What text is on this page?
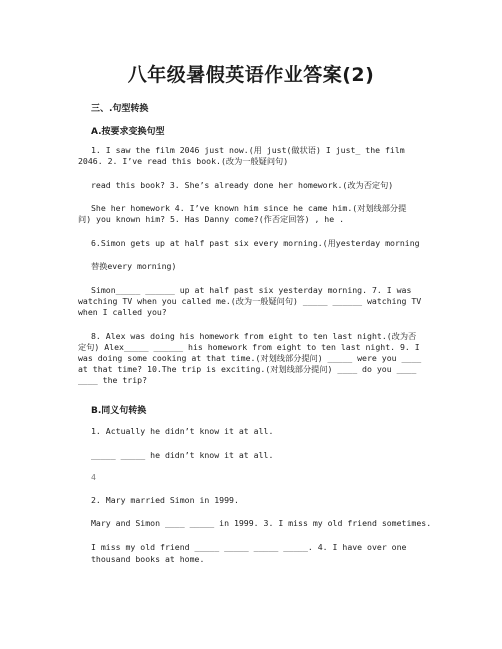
八年级暑假英语作业答案(2)
三、.句型转换
A.按要求变换句型
1. I saw the film 2046 just now.(用 just(做状语) I just_ the film
2046. 2. I’ve read this book.(改为一般疑问句)
read this book? 3. She’s already done her homework.(改为否定句)
She her homework 4. I’ve known him since he came him.(对划线部分提
问) you known him? 5. Has Danny come?(作否定回答) , he .
6.Simon gets up at half past six every morning.(用yesterday morning
替换every morning)
Simon_____ ______ up at half past six yesterday morning. 7. I was
watching TV when you called me.(改为一般疑问句) _____ ______ watching TV
when I called you?
8. Alex was doing his homework from eight to ten last night.(改为否
定句) Alex_____ ______ his homework from eight to ten last night. 9. I
was doing some cooking at that time.(对划线部分提问) _____ were you ____
at that time? 10.The trip is exciting.(对划线部分提问) ____ do you ____
____ the trip?
B.同义句转换
1. Actually he didn’t know it at all.
_____ _____ he didn’t know it at all.
4
2. Mary married Simon in 1999.
Mary and Simon ____ _____ in 1999. 3. I miss my old friend sometimes.
I miss my old friend _____ _____ _____ _____. 4. I have over one
thousand books at home.
